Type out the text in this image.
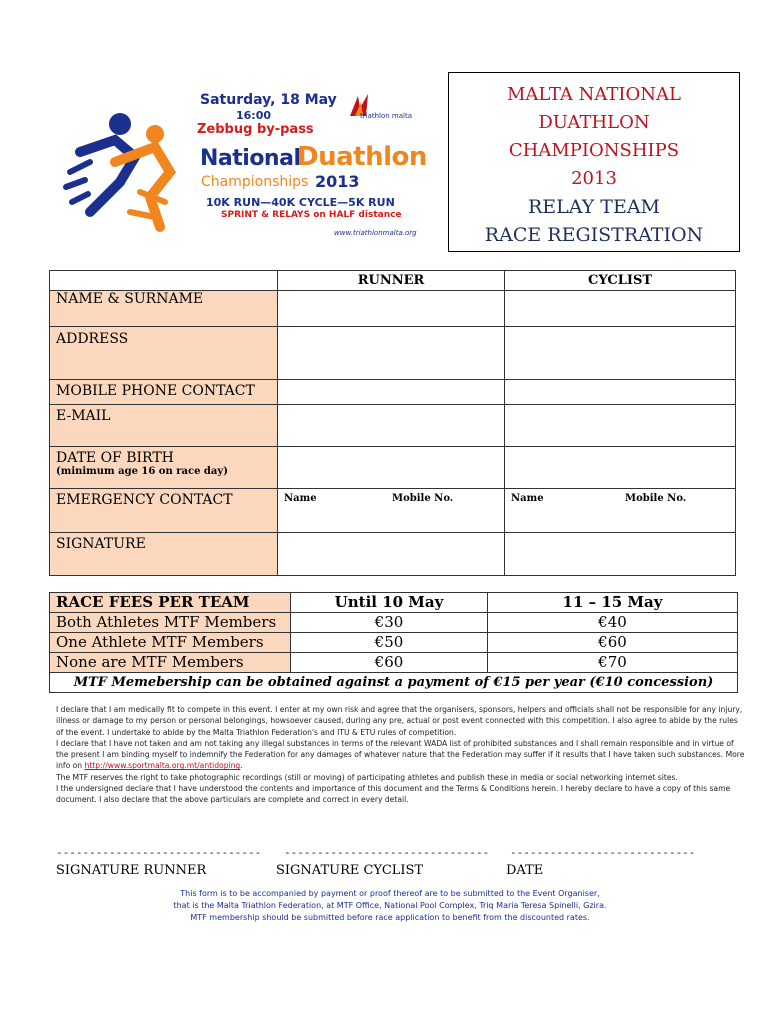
Saturday, 18 May
16:00
Zebbug by-pass
triathlon malta
National
Duathlon
Championships 2013
10K RUN—40K CYCLE—5K RUN
SPRINT & RELAYS on HALF distance
www.triathlonmalta.org
MALTA NATIONAL
DUATHLON
CHAMPIONSHIPS
2013
RELAY TEAM
RACE REGISTRATION
	RUNNER	CYCLIST
NAME & SURNAME		
ADDRESS		
MOBILE PHONE CONTACT		
E-MAIL		

DATE OF BIRTH
(minimum age 16 on race day)		

EMERGENCY CONTACT	Name Mobile No.	Name Mobile No.
SIGNATURE		
RACE FEES PER TEAM	Until 10 May	11 – 15 May
Both Athletes MTF Members	€30	€40
One Athlete MTF Members	€50	€60
None are MTF Members	€60	€70
MTF Memebership can be obtained against a payment of €15 per year (€10 concession)		

I declare that I am medically fit to compete in this event. I enter at my own risk and agree that the organisers, sponsors, helpers and officials shall not be responsible for any injury, illness or damage to my person or personal belongings, howsoever caused, during any pre, actual or post event connected with this competition. I also agree to abide by the rules of the event. I undertake to abide by the Malta Triathlon Federation's and ITU & ETU rules of competition.

I declare that I have not taken and am not taking any illegal substances in terms of the relevant WADA list of prohibited substances and I shall remain responsible and in virtue of the present I am binding myself to indemnify the Federation for any damages of whatever nature that the Federation may suffer if it results that I have taken such substances. More info on http://www.sportmalta.org.mt/antidoping.

The MTF reserves the right to take photographic recordings (still or moving) of participating athletes and publish these in media or social networking internet sites.

I the undersigned declare that I have understood the contents and importance of this document and the Terms & Conditions herein. I hereby declare to have a copy of this same document. I also declare that the above particulars are complete and correct in every detail.

------------------------------- ------------------------------- ----------------------------
SIGNATURE RUNNER	SIGNATURE CYCLIST	DATE
This form is to be accompanied by payment or proof thereof are to be submitted to the Event Organiser,
that is the Malta Triathlon Federation, at MTF Office, National Pool Complex, Triq Maria Teresa Spinelli, Gzira.
MTF membership should be submitted before race application to benefit from the discounted rates.
